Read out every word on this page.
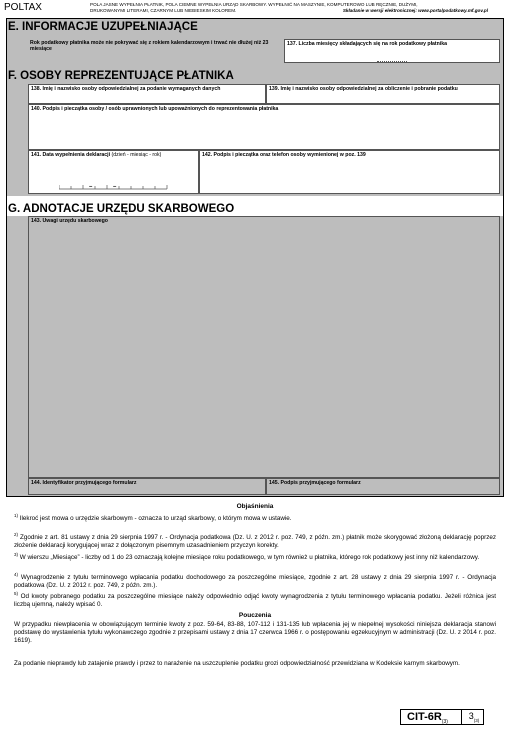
POLTAX	POLA JASNE WYPEŁNIA PŁATNIK, POLA CIEMNE WYPEŁNIA URZĄD SKARBOWY. WYPEŁNIĆ NA MASZYNIE, KOMPUTEROWO LUB RĘCZNIE, DUŻYMI,
DRUKOWANYMI LITERAMI, CZARNYM LUB NIEBIESKIM KOLOREM.	Składanie w wersji elektronicznej: www.portalpodatkowy.mf.gov.pl
E. INFORMACJE UZUPEŁNIAJĄCE
Rok podatkowy płatnika może nie pokrywać się z rokiem kalendarzowym i trwać nie dłużej niż 23 miesiące
137. Liczba miesięcy składających się na rok podatkowy płatnika
F. OSOBY REPREZENTUJĄCE PŁATNIKA
138. Imię i nazwisko osoby odpowiedzialnej za podanie wymaganych danych	139. Imię i nazwisko osoby odpowiedzialnej za obliczenie i pobranie podatku
140. Podpis i pieczątka osoby / osób uprawnionych lub upoważnionych do reprezentowania płatnika
141. Data wypełnienia deklaracji (dzień - miesiąc - rok)
–	–
142. Podpis i pieczątka oraz telefon osoby wymienionej w poz. 139
G. ADNOTACJE URZĘDU SKARBOWEGO
143. Uwagi urzędu skarbowego
144. Identyfikator przyjmującego formularz	145. Podpis przyjmującego formularz
Objaśnienia
$^{1)}$ Ilekroć jest mowa o urzędzie skarbowym - oznacza to urząd skarbowy, o którym mowa w ustawie.
$^{2)}$ Zgodnie z art. 81 ustawy z dnia 29 sierpnia 1997 r. - Ordynacja podatkowa (Dz. U. z 2012 r. poz. 749, z późn. zm.) płatnik może skorygować złożoną deklarację poprzez złożenie deklaracji korygującej wraz z dołączonym pisemnym uzasadnieniem przyczyn korekty.
$^{3)}$ W wierszu „Miesiące” - liczby od 1 do 23 oznaczają kolejne miesiące roku podatkowego, w tym również u płatnika, którego rok podatkowy jest inny niż kalendarzowy.
$^{4)}$ Wynagrodzenie z tytułu terminowego wpłacania podatku dochodowego za poszczególne miesiące, zgodnie z art. 28 ustawy z dnia 29 sierpnia 1997 r. - Ordynacja podatkowa (Dz. U. z 2012 r. poz. 749, z późn. zm.).
$^{5)}$ Od kwoty pobranego podatku za poszczególne miesiące należy odpowiednio odjąć kwoty wynagrodzenia z tytułu terminowego wpłacania podatku. Jeżeli różnica jest liczbą ujemną, należy wpisać 0.
Pouczenia
W przypadku niewpłacenia w obowiązującym terminie kwoty z poz. 59-64, 83-88, 107-112 i 131-135 lub wpłacenia jej w niepełnej wysokości niniejsza deklaracja stanowi podstawę do wystawienia tytułu wykonawczego zgodnie z przepisami ustawy z dnia 17 czerwca 1966 r. o postępowaniu egzekucyjnym w administracji (Dz. U. z 2014 r. poz. 1619).
Za podanie nieprawdy lub zatajenie prawdy i przez to narażenie na uszczuplenie podatku grozi odpowiedzialność przewidziana w Kodeksie karnym skarbowym.
CIT-$6R_{(3)}$
$3_{(3)}$
